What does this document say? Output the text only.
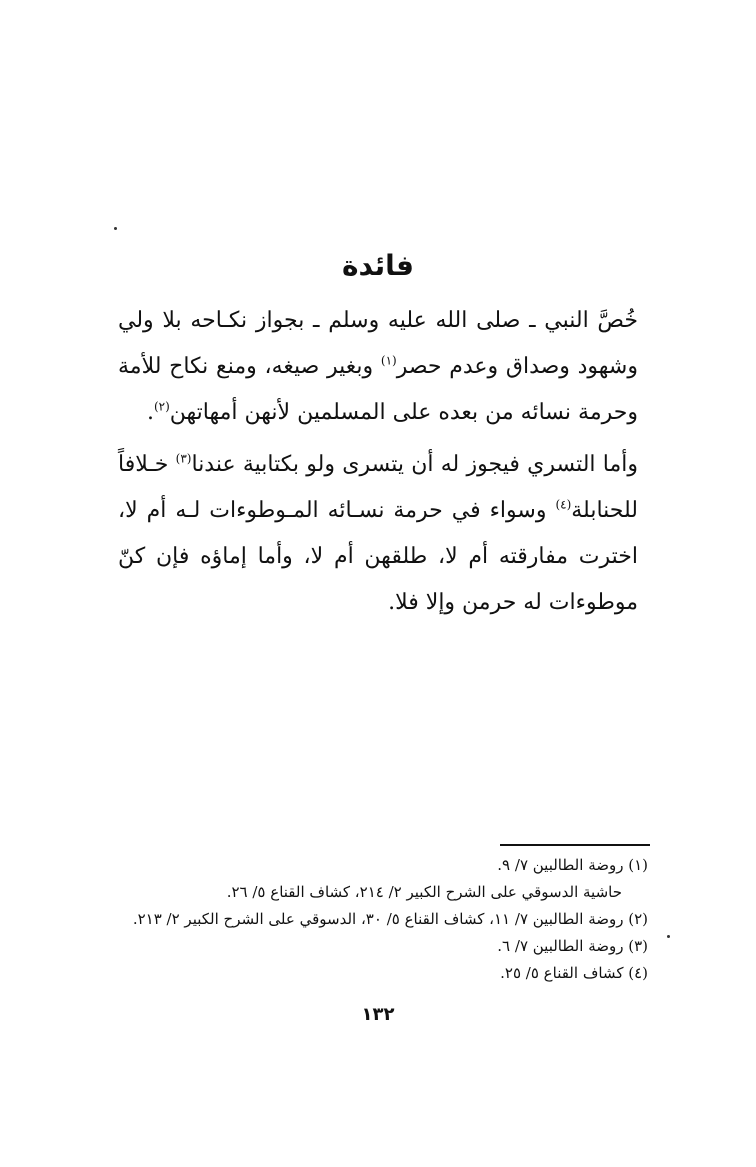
فائدة

خُصَّ النبي ـ صلى الله عليه وسلم ـ بجواز نكـاحه بلا ولي وشهود وصداق وعدم حصر$^{(١)}$ وبغير صيغه، ومنع نكاح للأمة وحرمة نسائه من بعده على المسلمين لأنهن أمهاتهن$^{(٢)}$.

وأما التسري فيجوز له أن يتسرى ولو بكتابية عندنا$^{(٣)}$ خـلافاً للحنابلة$^{(٤)}$ وسواء في حرمة نسـائه المـوطوءات لـه أم لا، اخترت مفارقته أم لا، طلقهن أم لا، وأما إماؤه فإن كنّ موطوءات له حرمن وإلا فلا.

(١) روضة الطالبين ٧/ ٩.
حاشية الدسوقي على الشرح الكبير ٢/ ٢١٤، كشاف القناع ٥/ ٢٦.
(٢) روضة الطالبين ٧/ ١١، كشاف القناع ٥/ ٣٠، الدسوقي على الشرح الكبير ٢/ ٢١٣.
(٣) روضة الطالبين ٧/ ٦.
(٤) كشاف القناع ٥/ ٢٥.
١٣٢
